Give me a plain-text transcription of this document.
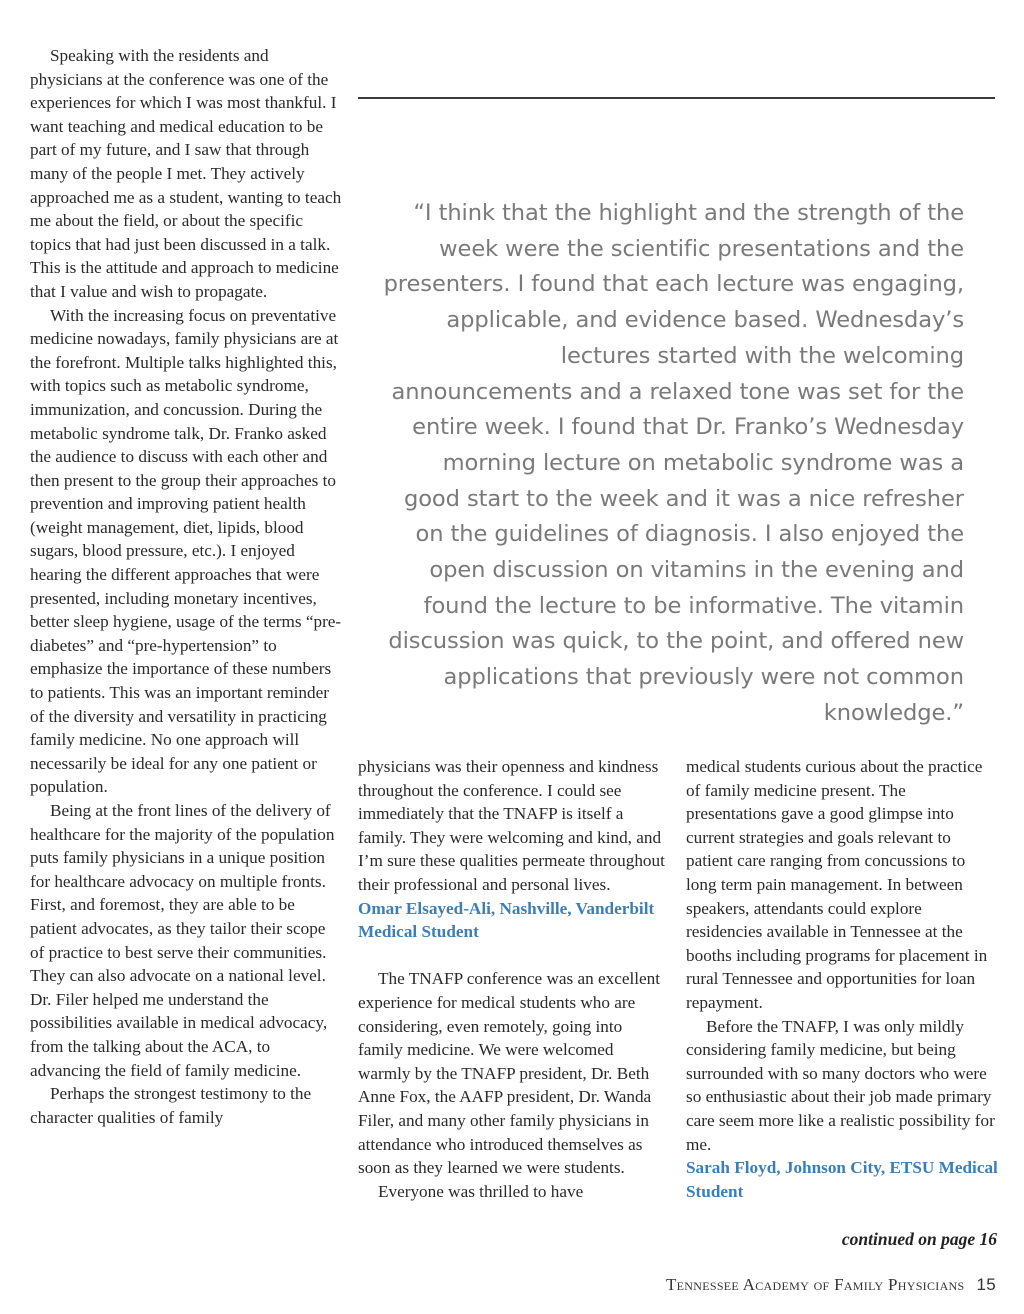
Speaking with the residents and physicians at the conference was one of the experiences for which I was most thankful. I want teaching and medical education to be part of my future, and I saw that through many of the people I met. They actively approached me as a student, wanting to teach me about the field, or about the specific topics that had just been discussed in a talk. This is the attitude and approach to medicine that I value and wish to propagate.

With the increasing focus on preventative medicine nowadays, family physicians are at the forefront. Multiple talks highlighted this, with topics such as metabolic syndrome, immunization, and concussion. During the metabolic syndrome talk, Dr. Franko asked the audience to discuss with each other and then present to the group their approaches to prevention and improving patient health (weight management, diet, lipids, blood sugars, blood pressure, etc.). I enjoyed hearing the different approaches that were presented, including monetary incentives, better sleep hygiene, usage of the terms “pre-diabetes” and “pre-hypertension” to emphasize the importance of these numbers to patients. This was an important reminder of the diversity and versatility in practicing family medicine. No one approach will necessarily be ideal for any one patient or population.

Being at the front lines of the delivery of healthcare for the majority of the population puts family physicians in a unique position for healthcare advocacy on multiple fronts. First, and foremost, they are able to be patient advocates, as they tailor their scope of practice to best serve their communities. They can also advocate on a national level. Dr. Filer helped me understand the possibilities available in medical advocacy, from the talking about the ACA, to advancing the field of family medicine.

Perhaps the strongest testimony to the character qualities of family

“I think that the highlight and the strength of the week were the scientific presentations and the presenters. I found that each lecture was engaging, applicable, and evidence based. Wednesday’s lectures started with the welcoming announcements and a relaxed tone was set for the entire week. I found that Dr. Franko’s Wednesday morning lecture on metabolic syndrome was a good start to the week and it was a nice refresher on the guidelines of diagnosis. I also enjoyed the open discussion on vitamins in the evening and found the lecture to be informative. The vitamin discussion was quick, to the point, and offered new applications that previously were not common knowledge.”

physicians was their openness and kindness throughout the conference. I could see immediately that the TNAFP is itself a family. They were welcoming and kind, and I’m sure these qualities permeate throughout their professional and personal lives.

Omar Elsayed-Ali, Nashville, Vanderbilt Medical Student

The TNAFP conference was an excellent experience for medical students who are considering, even remotely, going into family medicine. We were welcomed warmly by the TNAFP president, Dr. Beth Anne Fox, the AAFP president, Dr. Wanda Filer, and many other family physicians in attendance who introduced themselves as soon as they learned we were students.

Everyone was thrilled to have

medical students curious about the practice of family medicine present. The presentations gave a good glimpse into current strategies and goals relevant to patient care ranging from concussions to long term pain management. In between speakers, attendants could explore residencies available in Tennessee at the booths including programs for placement in rural Tennessee and opportunities for loan repayment.

Before the TNAFP, I was only mildly considering family medicine, but being surrounded with so many doctors who were so enthusiastic about their job made primary care seem more like a realistic possibility for me.

Sarah Floyd, Johnson City, ETSU Medical Student

continued on page 16
Tennessee Academy of Family Physicians 15
